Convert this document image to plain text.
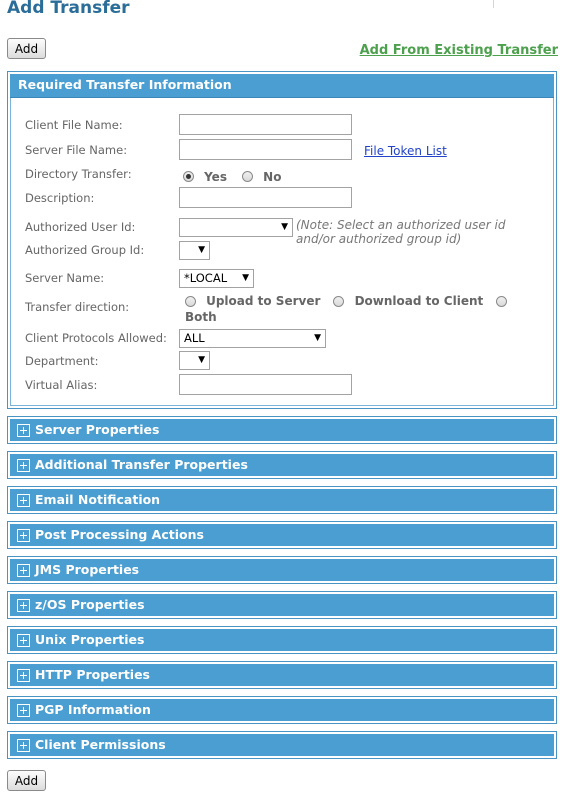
Add Transfer
Add	Add From Existing Transfer
Required Transfer Information
Client File Name:
Server File Name:	File Token List
Directory Transfer:	Yes	No
Description:
Authorized User Id:	▼ (Note: Select an authorized user id and/or authorized group id)
Authorized Group Id:	▼
Server Name:	*LOCAL ▼
Transfer direction:	Upload to Server	Download to Client
Both
Client Protocols Allowed:	ALL	▼
Department:	▼
Virtual Alias:
Server Properties
Additional Transfer Properties
Email Notification
Post Processing Actions
JMS Properties
z/OS Properties
Unix Properties
HTTP Properties
PGP Information
Client Permissions
Add
